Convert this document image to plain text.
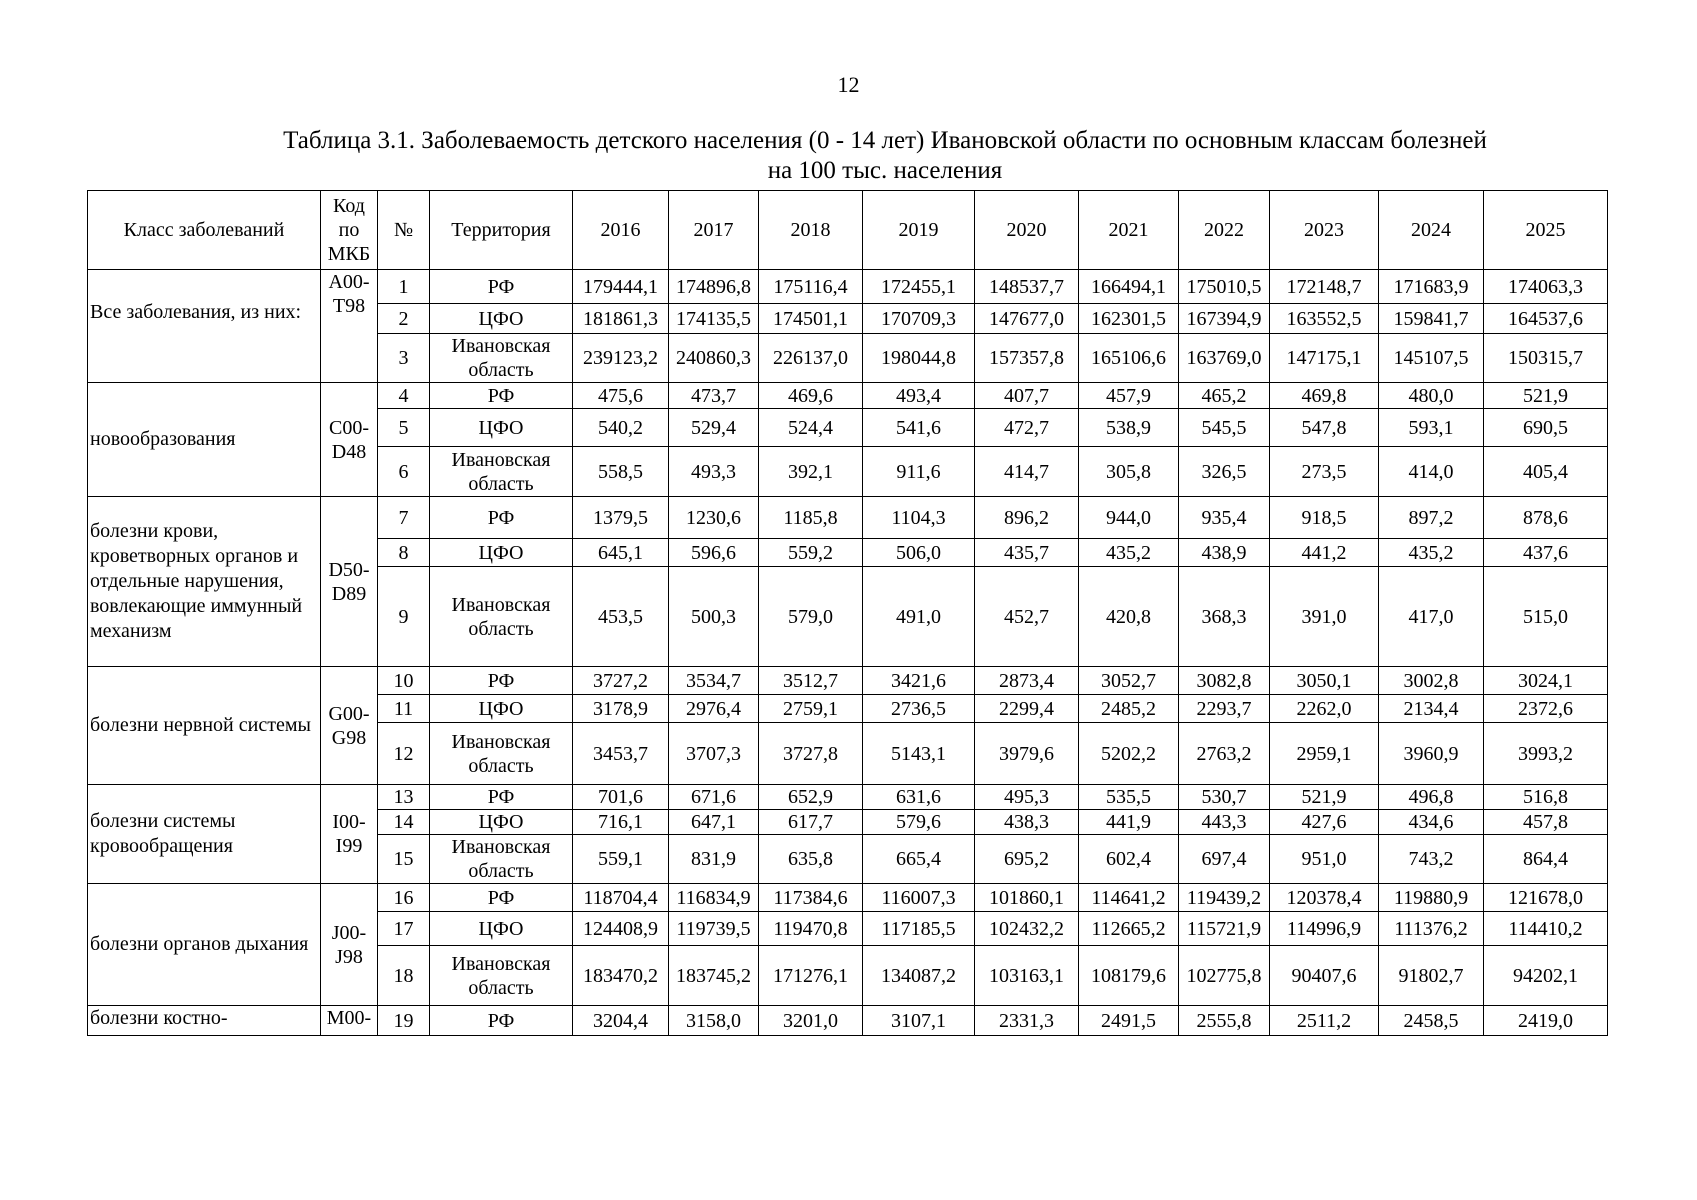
12
Таблица 3.1. Заболеваемость детского населения (0 - 14 лет) Ивановской области по основным классам болезней
на 100 тыс. населения
Класс заболеваний	Код по МКБ	№	Территория	2016	2017	2018	2019	2020	2021	2022	2023	2024	2025
Все заболевания, из них:	A00-T98	1	РФ	179444,1	174896,8	175116,4	172455,1	148537,7	166494,1	175010,5	172148,7	171683,9	174063,3
		2	ЦФО	181861,3	174135,5	174501,1	170709,3	147677,0	162301,5	167394,9	163552,5	159841,7	164537,6
		3	Ивановская область	239123,2	240860,3	226137,0	198044,8	157357,8	165106,6	163769,0	147175,1	145107,5	150315,7
новообразования	C00-D48	4	РФ	475,6	473,7	469,6	493,4	407,7	457,9	465,2	469,8	480,0	521,9
		5	ЦФО	540,2	529,4	524,4	541,6	472,7	538,9	545,5	547,8	593,1	690,5
		6	Ивановская область	558,5	493,3	392,1	911,6	414,7	305,8	326,5	273,5	414,0	405,4
болезни крови, кроветворных органов и отдельные нарушения, вовлекающие иммунный механизм	D50-D89	7	РФ	1379,5	1230,6	1185,8	1104,3	896,2	944,0	935,4	918,5	897,2	878,6
		8	ЦФО	645,1	596,6	559,2	506,0	435,7	435,2	438,9	441,2	435,2	437,6
		9	Ивановская область	453,5	500,3	579,0	491,0	452,7	420,8	368,3	391,0	417,0	515,0
болезни нервной системы	G00-G98	10	РФ	3727,2	3534,7	3512,7	3421,6	2873,4	3052,7	3082,8	3050,1	3002,8	3024,1
		11	ЦФО	3178,9	2976,4	2759,1	2736,5	2299,4	2485,2	2293,7	2262,0	2134,4	2372,6
		12	Ивановская область	3453,7	3707,3	3727,8	5143,1	3979,6	5202,2	2763,2	2959,1	3960,9	3993,2
болезни системы кровообращения	I00-I99	13	РФ	701,6	671,6	652,9	631,6	495,3	535,5	530,7	521,9	496,8	516,8
		14	ЦФО	716,1	647,1	617,7	579,6	438,3	441,9	443,3	427,6	434,6	457,8
		15	Ивановская область	559,1	831,9	635,8	665,4	695,2	602,4	697,4	951,0	743,2	864,4
болезни органов дыхания	J00-J98	16	РФ	118704,4	116834,9	117384,6	116007,3	101860,1	114641,2	119439,2	120378,4	119880,9	121678,0
		17	ЦФО	124408,9	119739,5	119470,8	117185,5	102432,2	112665,2	115721,9	114996,9	111376,2	114410,2
		18	Ивановская область	183470,2	183745,2	171276,1	134087,2	103163,1	108179,6	102775,8	90407,6	91802,7	94202,1
болезни костно-	M00-	19	РФ	3204,4	3158,0	3201,0	3107,1	2331,3	2491,5	2555,8	2511,2	2458,5	2419,0
